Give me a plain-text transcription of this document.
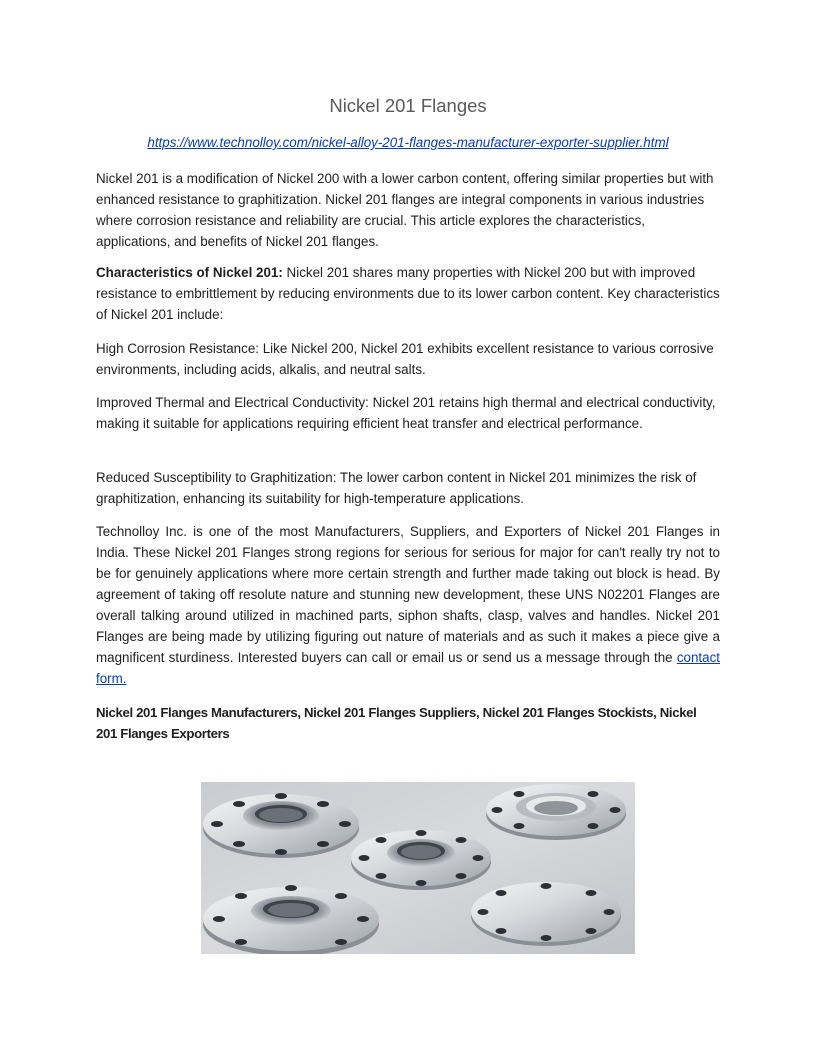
Nickel 201 Flanges
https://www.technolloy.com/nickel-alloy-201-flanges-manufacturer-exporter-supplier.html

Nickel 201 is a modification of Nickel 200 with a lower carbon content, offering similar properties but with enhanced resistance to graphitization. Nickel 201 flanges are integral components in various industries where corrosion resistance and reliability are crucial. This article explores the characteristics, applications, and benefits of Nickel 201 flanges.

Characteristics of Nickel 201: Nickel 201 shares many properties with Nickel 200 but with improved resistance to embrittlement by reducing environments due to its lower carbon content. Key characteristics of Nickel 201 include:

High Corrosion Resistance: Like Nickel 200, Nickel 201 exhibits excellent resistance to various corrosive environments, including acids, alkalis, and neutral salts.

Improved Thermal and Electrical Conductivity: Nickel 201 retains high thermal and electrical conductivity, making it suitable for applications requiring efficient heat transfer and electrical performance.

Reduced Susceptibility to Graphitization: The lower carbon content in Nickel 201 minimizes the risk of graphitization, enhancing its suitability for high-temperature applications.

Technolloy Inc. is one of the most Manufacturers, Suppliers, and Exporters of Nickel 201 Flanges in India. These Nickel 201 Flanges strong regions for serious for serious for major for can't really try not to be for genuinely applications where more certain strength and further made taking out block is head. By agreement of taking off resolute nature and stunning new development, these UNS N02201 Flanges are overall talking around utilized in machined parts, siphon shafts, clasp, valves and handles. Nickel 201 Flanges are being made by utilizing figuring out nature of materials and as such it makes a piece give a magnificent sturdiness. Interested buyers can call or email us or send us a message through the contact form.

Nickel 201 Flanges Manufacturers, Nickel 201 Flanges Suppliers, Nickel 201 Flanges Stockists, Nickel 201 Flanges Exporters
